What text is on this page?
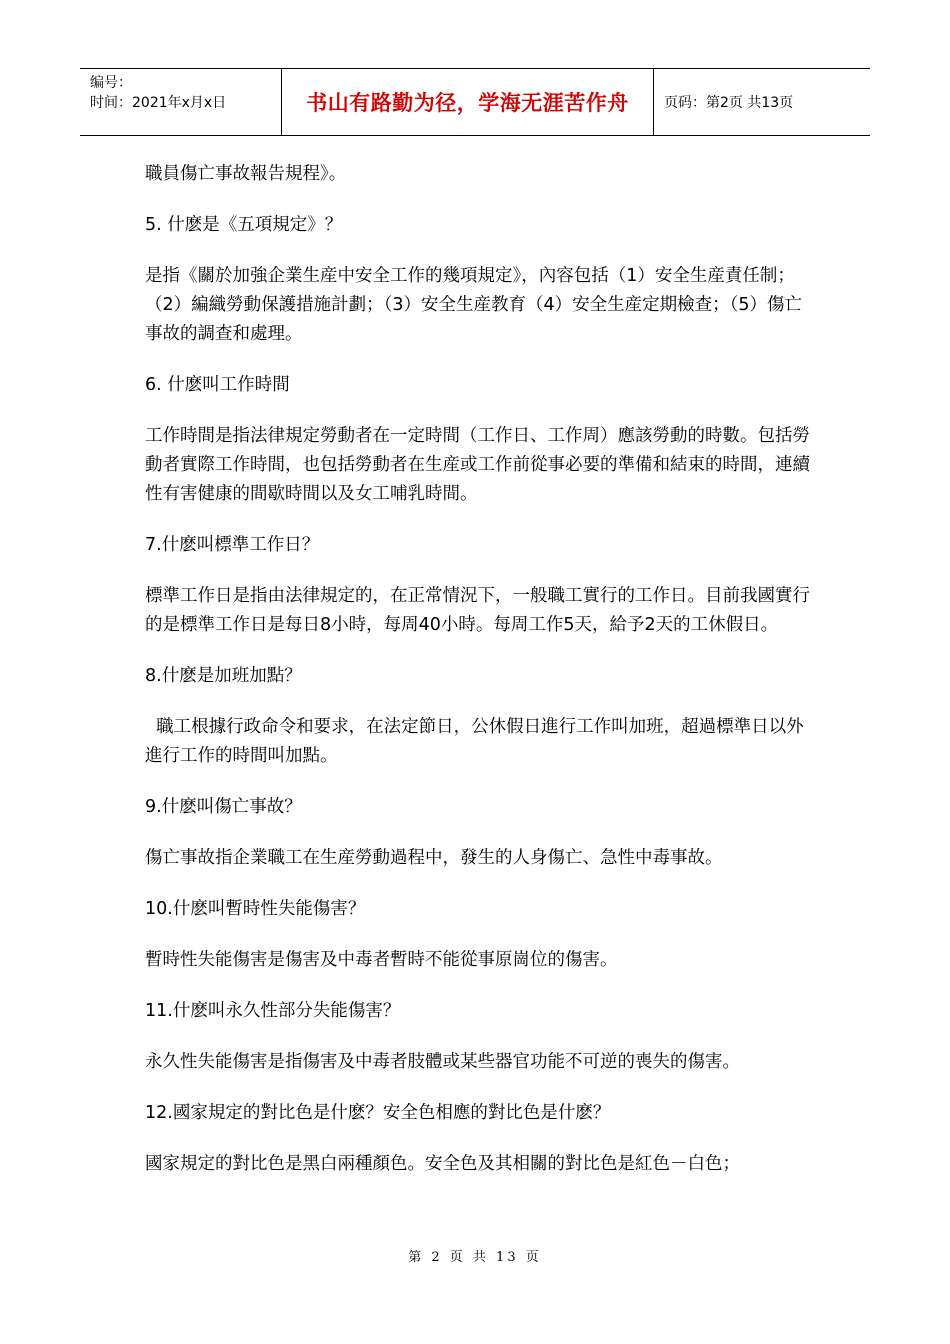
编号：
时间：2021年x月x日	书山有路勤为径，学海无涯苦作舟	页码：第2页 共13页

職員傷亡事故報告規程》。

5. 什麽是《五項規定》？

是指《關於加強企業生産中安全工作的幾項規定》，內容包括（1）安全生産責任制；（2）編織勞動保護措施計劃；（3）安全生産教育（4）安全生産定期檢查；（5）傷亡事故的調查和處理。

6. 什麽叫工作時間

工作時間是指法律規定勞動者在一定時間（工作日、工作周）應該勞動的時數。包括勞動者實際工作時間，也包括勞動者在生産或工作前從事必要的準備和結束的時間，連續性有害健康的間歇時間以及女工哺乳時間。

7.什麽叫標準工作日？

標準工作日是指由法律規定的，在正常情況下，一般職工實行的工作日。目前我國實行的是標準工作日是每日8小時，每周40小時。每周工作5天，給予2天的工休假日。

8.什麽是加班加點？

職工根據行政命令和要求，在法定節日，公休假日進行工作叫加班，超過標準日以外進行工作的時間叫加點。

9.什麽叫傷亡事故？

傷亡事故指企業職工在生産勞動過程中，發生的人身傷亡、急性中毒事故。

10.什麽叫暫時性失能傷害？

暫時性失能傷害是傷害及中毒者暫時不能從事原崗位的傷害。

11.什麽叫永久性部分失能傷害？

永久性失能傷害是指傷害及中毒者肢體或某些器官功能不可逆的喪失的傷害。

12.國家規定的對比色是什麽？安全色相應的對比色是什麽？

國家規定的對比色是黑白兩種顏色。安全色及其相關的對比色是紅色－白色；

第 2 页 共 13 页
